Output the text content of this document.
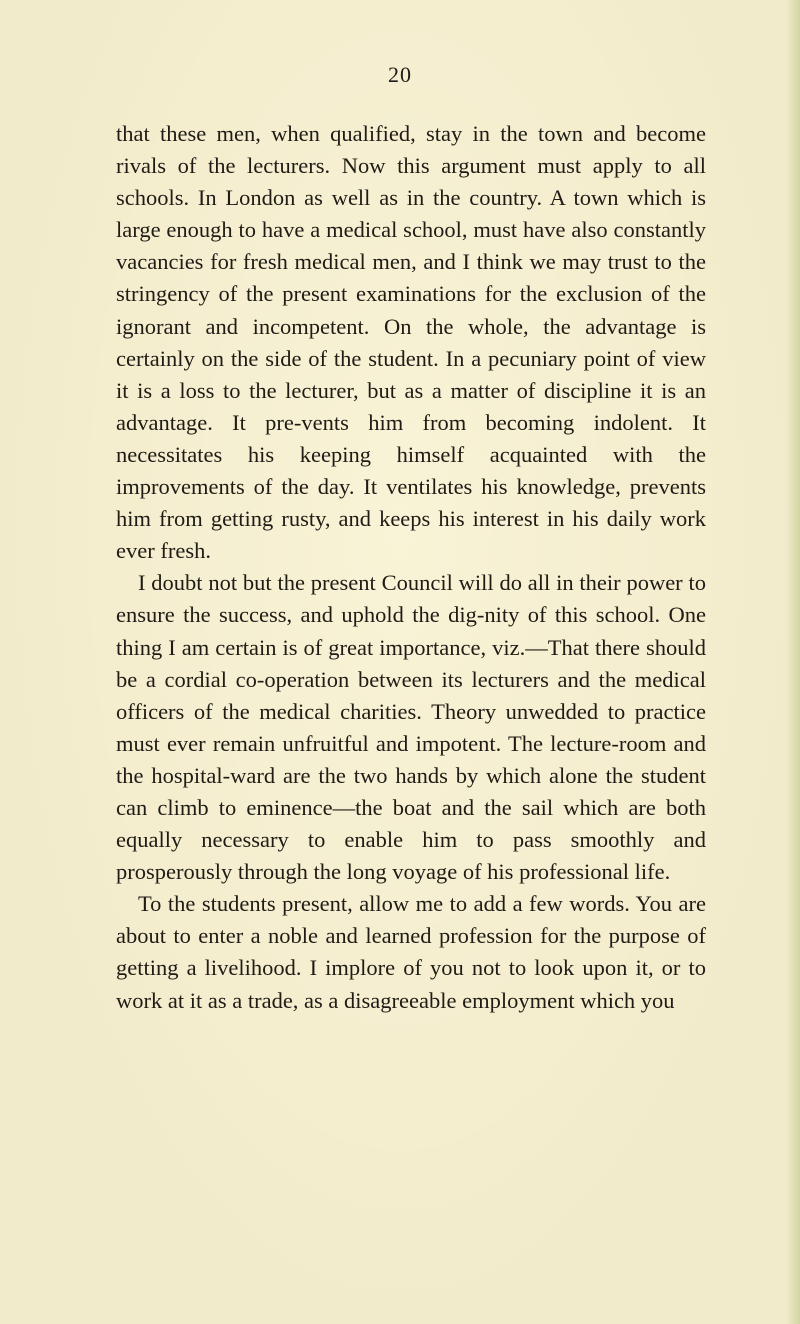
20

that these men, when qualified, stay in the town and become rivals of the lecturers. Now this argument must apply to all schools. In London as well as in the country. A town which is large enough to have a medical school, must have also constantly vacancies for fresh medical men, and I think we may trust to the stringency of the present examinations for the exclusion of the ignorant and incompetent. On the whole, the advantage is certainly on the side of the student. In a pecuniary point of view it is a loss to the lecturer, but as a matter of discipline it is an advantage. It pre-vents him from becoming indolent. It necessitates his keeping himself acquainted with the improvements of the day. It ventilates his knowledge, prevents him from getting rusty, and keeps his interest in his daily work ever fresh.

I doubt not but the present Council will do all in their power to ensure the success, and uphold the dig-nity of this school. One thing I am certain is of great importance, viz.—That there should be a cordial co-operation between its lecturers and the medical officers of the medical charities. Theory unwedded to practice must ever remain unfruitful and impotent. The lecture-room and the hospital-ward are the two hands by which alone the student can climb to eminence—the boat and the sail which are both equally necessary to enable him to pass smoothly and prosperously through the long voyage of his professional life.

To the students present, allow me to add a few words. You are about to enter a noble and learned profession for the purpose of getting a livelihood. I implore of you not to look upon it, or to work at it as a trade, as a disagreeable employment which you
